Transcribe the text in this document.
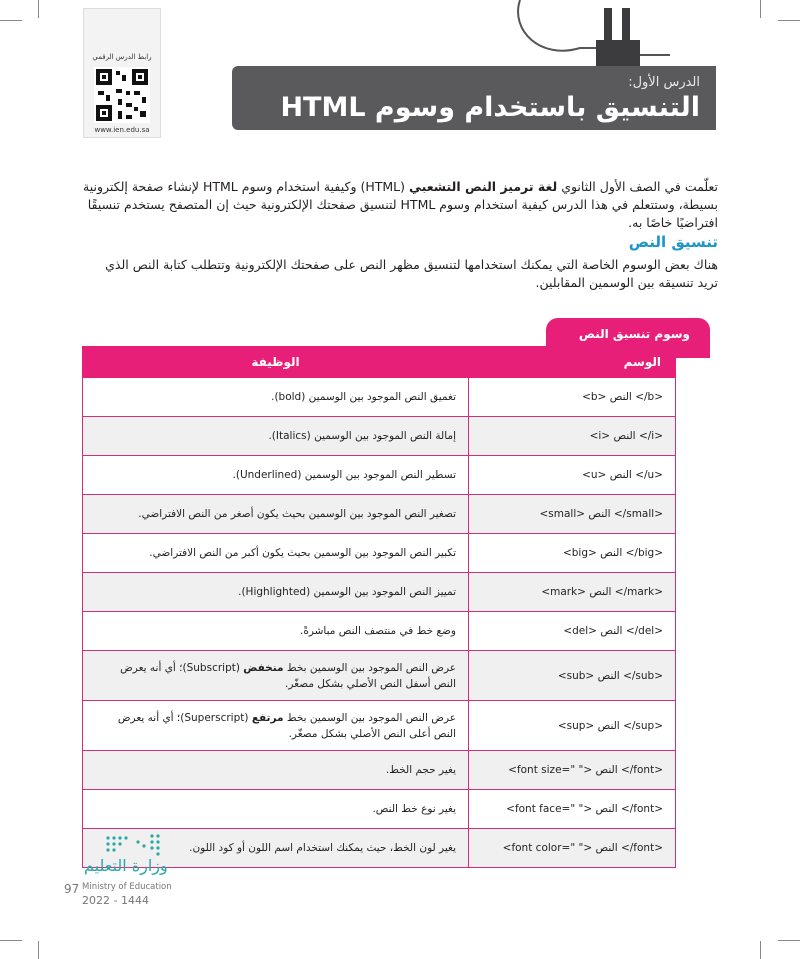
الدرس الأول:
التنسيق باستخدام وسوم HTML
رابط الدرس الرقمي
www.ien.edu.sa

تعلّمت في الصف الأول الثانوي لغة ترميز النص التشعبي (HTML) وكيفية استخدام وسوم HTML لإنشاء صفحة إلكترونية بسيطة، وستتعلم في هذا الدرس كيفية استخدام وسوم HTML لتنسيق صفحتك الإلكترونية حيث إن المتصفح يستخدم تنسيقًا افتراضيًا خاصًا به.

تنسيق النص

هناك بعض الوسوم الخاصة التي يمكنك استخدامها لتنسيق مظهر النص على صفحتك الإلكترونية وتتطلب كتابة النص الذي تريد تنسيقه بين الوسمين المقابلين.

وسوم تنسيق النص
الوسم	الوظيفة
<b> النص </b>	تغميق النص الموجود بين الوسمين (bold).
<i> النص </i>	إمالة النص الموجود بين الوسمين (Italics).
<u> النص </u>	تسطير النص الموجود بين الوسمين (Underlined).
<small> النص </small>	تصغير النص الموجود بين الوسمين بحيث يكون أصغر من النص الافتراضي.
<big> النص </big>	تكبير النص الموجود بين الوسمين بحيث يكون أكبر من النص الافتراضي.
<mark> النص </mark>	تمييز النص الموجود بين الوسمين (Highlighted).
<del> النص </del>	وضع خط في منتصف النص مباشرةً.
<sub> النص </sub>	عرض النص الموجود بين الوسمين بخط منخفض (Subscript)؛ أي أنه يعرض النص أسفل النص الأصلي بشكل مصغّر.
<sup> النص </sup>	عرض النص الموجود بين الوسمين بخط مرتفع (Superscript)؛ أي أنه يعرض النص أعلى النص الأصلي بشكل مصغّر.
<font size=" "> النص </font>	يغير حجم الخط.
<font face=" "> النص </font>	يغير نوع خط النص.
<font color=" "> النص </font>	يغير لون الخط، حيث يمكنك استخدام اسم اللون أو كود اللون.
وزارة التعليم
97 Ministry of Education
2022 - 1444
